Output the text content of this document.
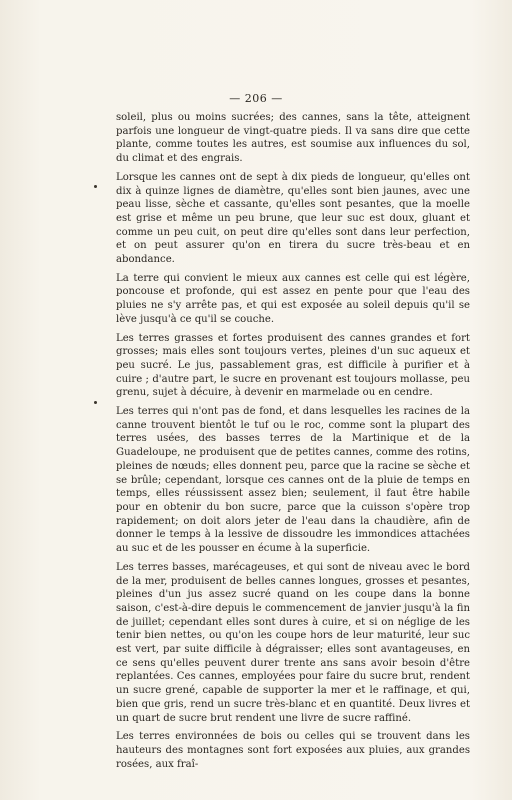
— 206 —

soleil, plus ou moins sucrées; des cannes, sans la tête, atteignent parfois une longueur de vingt-quatre pieds. Il va sans dire que cette plante, comme toutes les autres, est soumise aux influences du sol, du climat et des engrais.

Lorsque les cannes ont de sept à dix pieds de longueur, qu'elles ont dix à quinze lignes de diamètre, qu'elles sont bien jaunes, avec une peau lisse, sèche et cassante, qu'elles sont pesantes, que la moelle est grise et même un peu brune, que leur suc est doux, gluant et comme un peu cuit, on peut dire qu'elles sont dans leur perfection, et on peut assurer qu'on en tirera du sucre très-beau et en abondance.

La terre qui convient le mieux aux cannes est celle qui est légère, poncouse et profonde, qui est assez en pente pour que l'eau des pluies ne s'y arrête pas, et qui est exposée au soleil depuis qu'il se lève jusqu'à ce qu'il se couche.

Les terres grasses et fortes produisent des cannes grandes et fort grosses; mais elles sont toujours vertes, pleines d'un suc aqueux et peu sucré. Le jus, passablement gras, est difficile à purifier et à cuire ; d'autre part, le sucre en provenant est toujours mollasse, peu grenu, sujet à décuire, à devenir en marmelade ou en cendre.

Les terres qui n'ont pas de fond, et dans lesquelles les racines de la canne trouvent bientôt le tuf ou le roc, comme sont la plupart des terres usées, des basses terres de la Martinique et de la Guadeloupe, ne produisent que de petites cannes, comme des rotins, pleines de nœuds; elles donnent peu, parce que la racine se sèche et se brûle; cependant, lorsque ces cannes ont de la pluie de temps en temps, elles réussissent assez bien; seulement, il faut être habile pour en obtenir du bon sucre, parce que la cuisson s'opère trop rapidement; on doit alors jeter de l'eau dans la chaudière, afin de donner le temps à la lessive de dissoudre les immondices attachées au suc et de les pousser en écume à la superficie.

Les terres basses, marécageuses, et qui sont de niveau avec le bord de la mer, produisent de belles cannes longues, grosses et pesantes, pleines d'un jus assez sucré quand on les coupe dans la bonne saison, c'est-à-dire depuis le commencement de janvier jusqu'à la fin de juillet; cependant elles sont dures à cuire, et si on néglige de les tenir bien nettes, ou qu'on les coupe hors de leur maturité, leur suc est vert, par suite difficile à dégraisser; elles sont avantageuses, en ce sens qu'elles peuvent durer trente ans sans avoir besoin d'être replantées. Ces cannes, employées pour faire du sucre brut, rendent un sucre grené, capable de supporter la mer et le raffinage, et qui, bien que gris, rend un sucre très-blanc et en quantité. Deux livres et un quart de sucre brut rendent une livre de sucre raffiné.

Les terres environnées de bois ou celles qui se trouvent dans les hauteurs des montagnes sont fort exposées aux pluies, aux grandes rosées, aux fraî-
